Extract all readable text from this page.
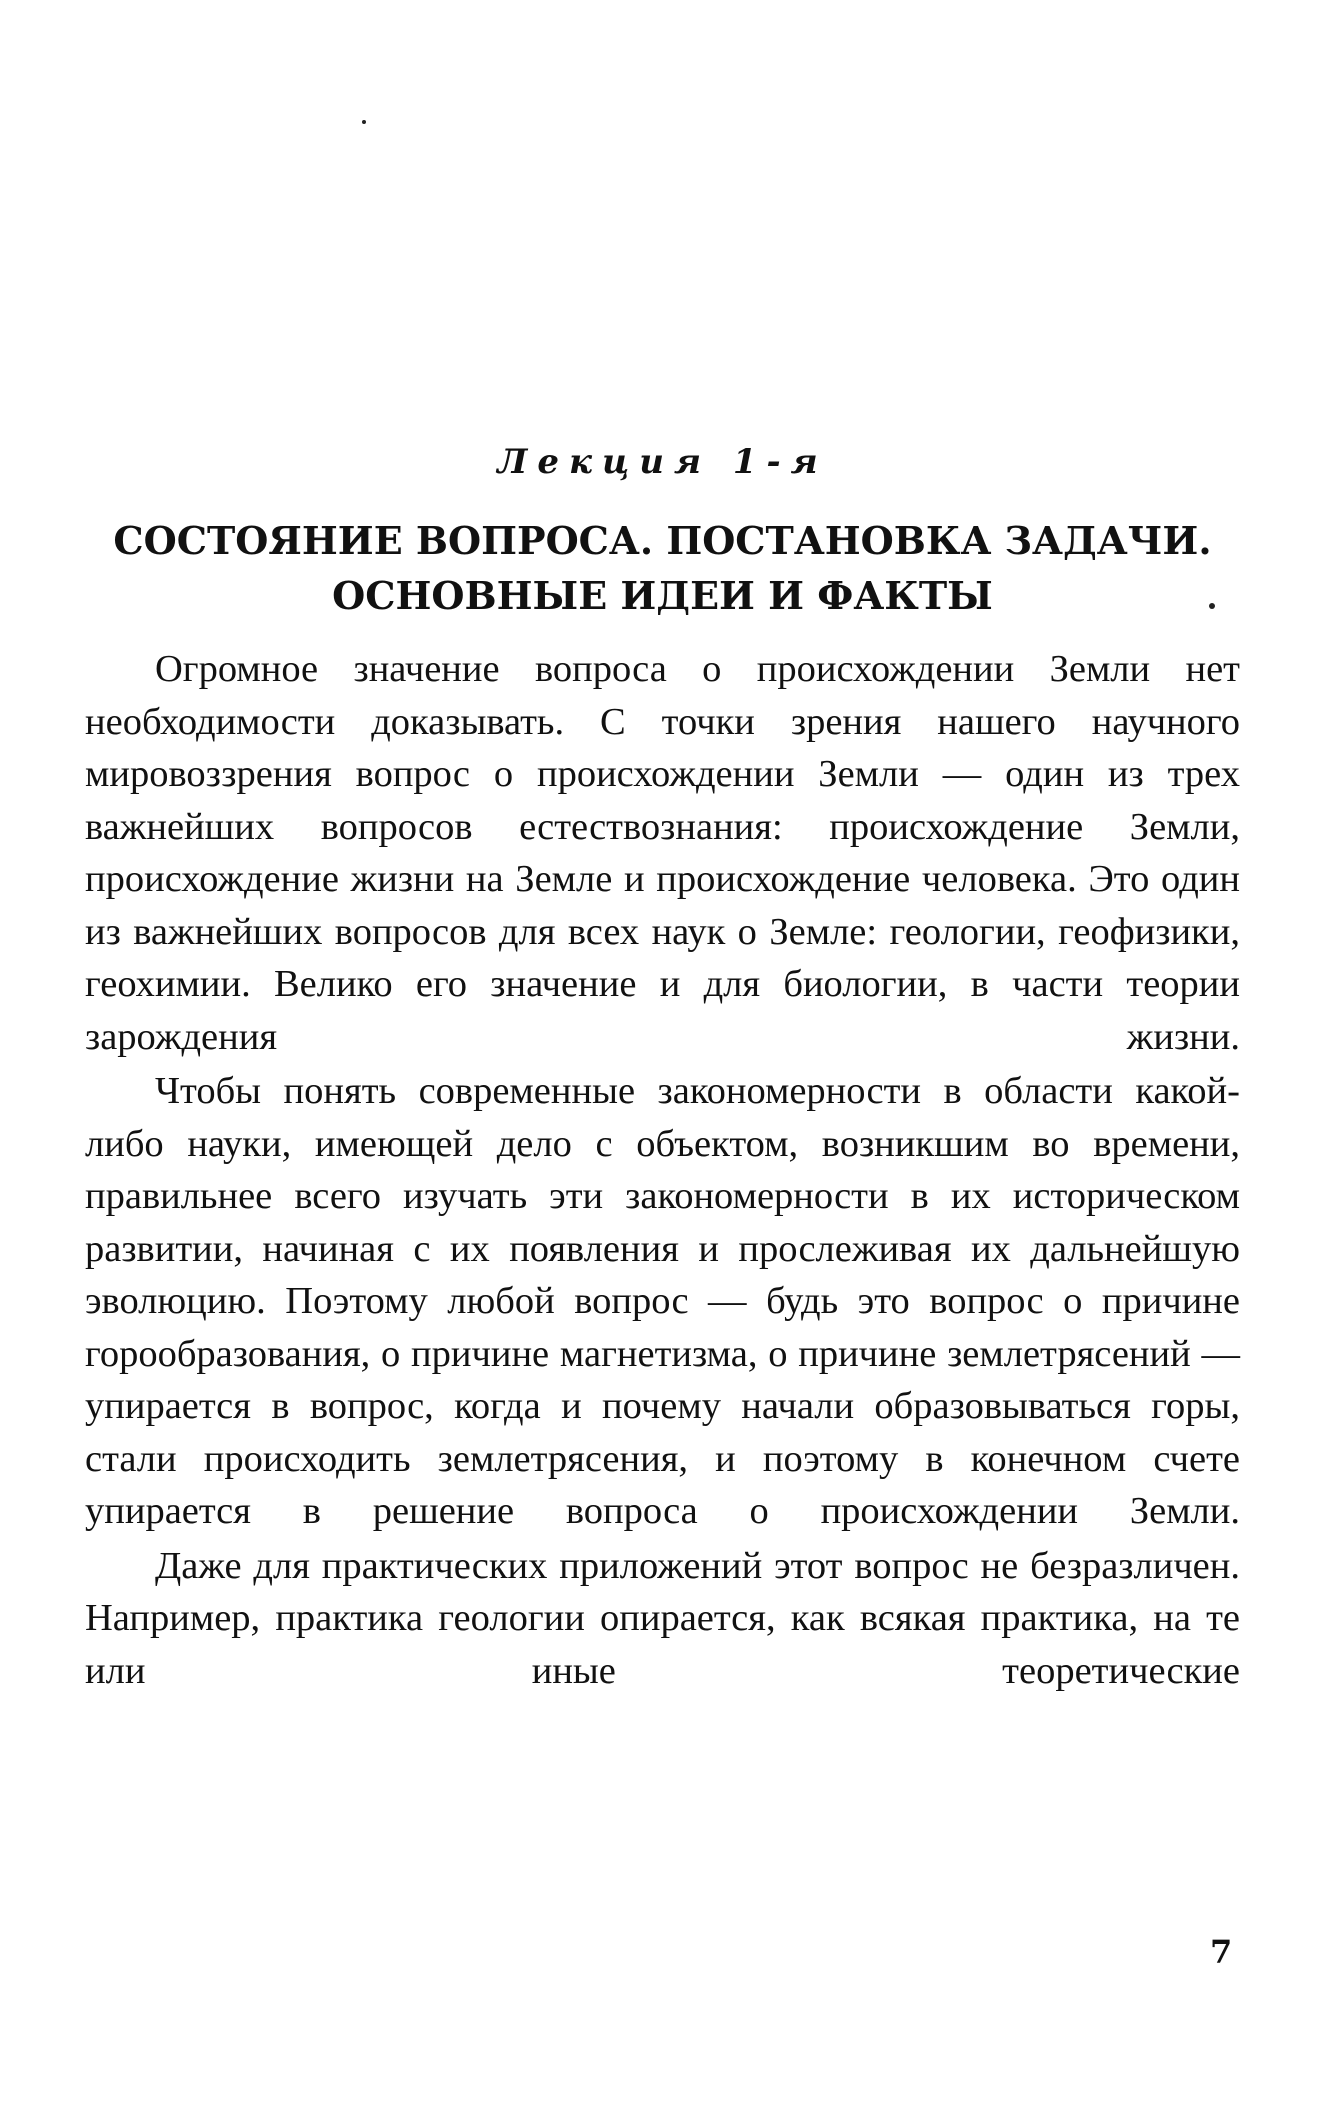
Лекция 1-я
СОСТОЯНИЕ ВОПРОСА. ПОСТАНОВКА ЗАДАЧИ.
ОСНОВНЫЕ ИДЕИ И ФАКТЫ

Огромное значение вопроса о происхождении Земли нет необходимости доказывать. С точки зрения нашего научного мировоззрения вопрос о происхождении Земли — один из трех важнейших вопросов естествознания: происхождение Земли, происхождение жизни на Земле и происхождение человека. Это один из важнейших вопросов для всех наук о Земле: геологии, геофизики, геохимии. Велико его значение и для биологии, в части теории зарождения жизни.

Чтобы понять современные закономерности в области какой-либо науки, имеющей дело с объектом, возникшим во времени, правильнее всего изучать эти закономерности в их историческом развитии, начиная с их появления и прослеживая их дальнейшую эволюцию. Поэтому любой вопрос — будь это вопрос о причине горообразования, о причине магнетизма, о причине землетрясений — упирается в вопрос, когда и почему начали образовываться горы, стали происходить землетрясения, и поэтому в конечном счете упирается в решение вопроса о происхождении Земли.

Даже для практических приложений этот вопрос не безразличен. Например, практика геологии опирается, как всякая практика, на те или иные теоретические

7
